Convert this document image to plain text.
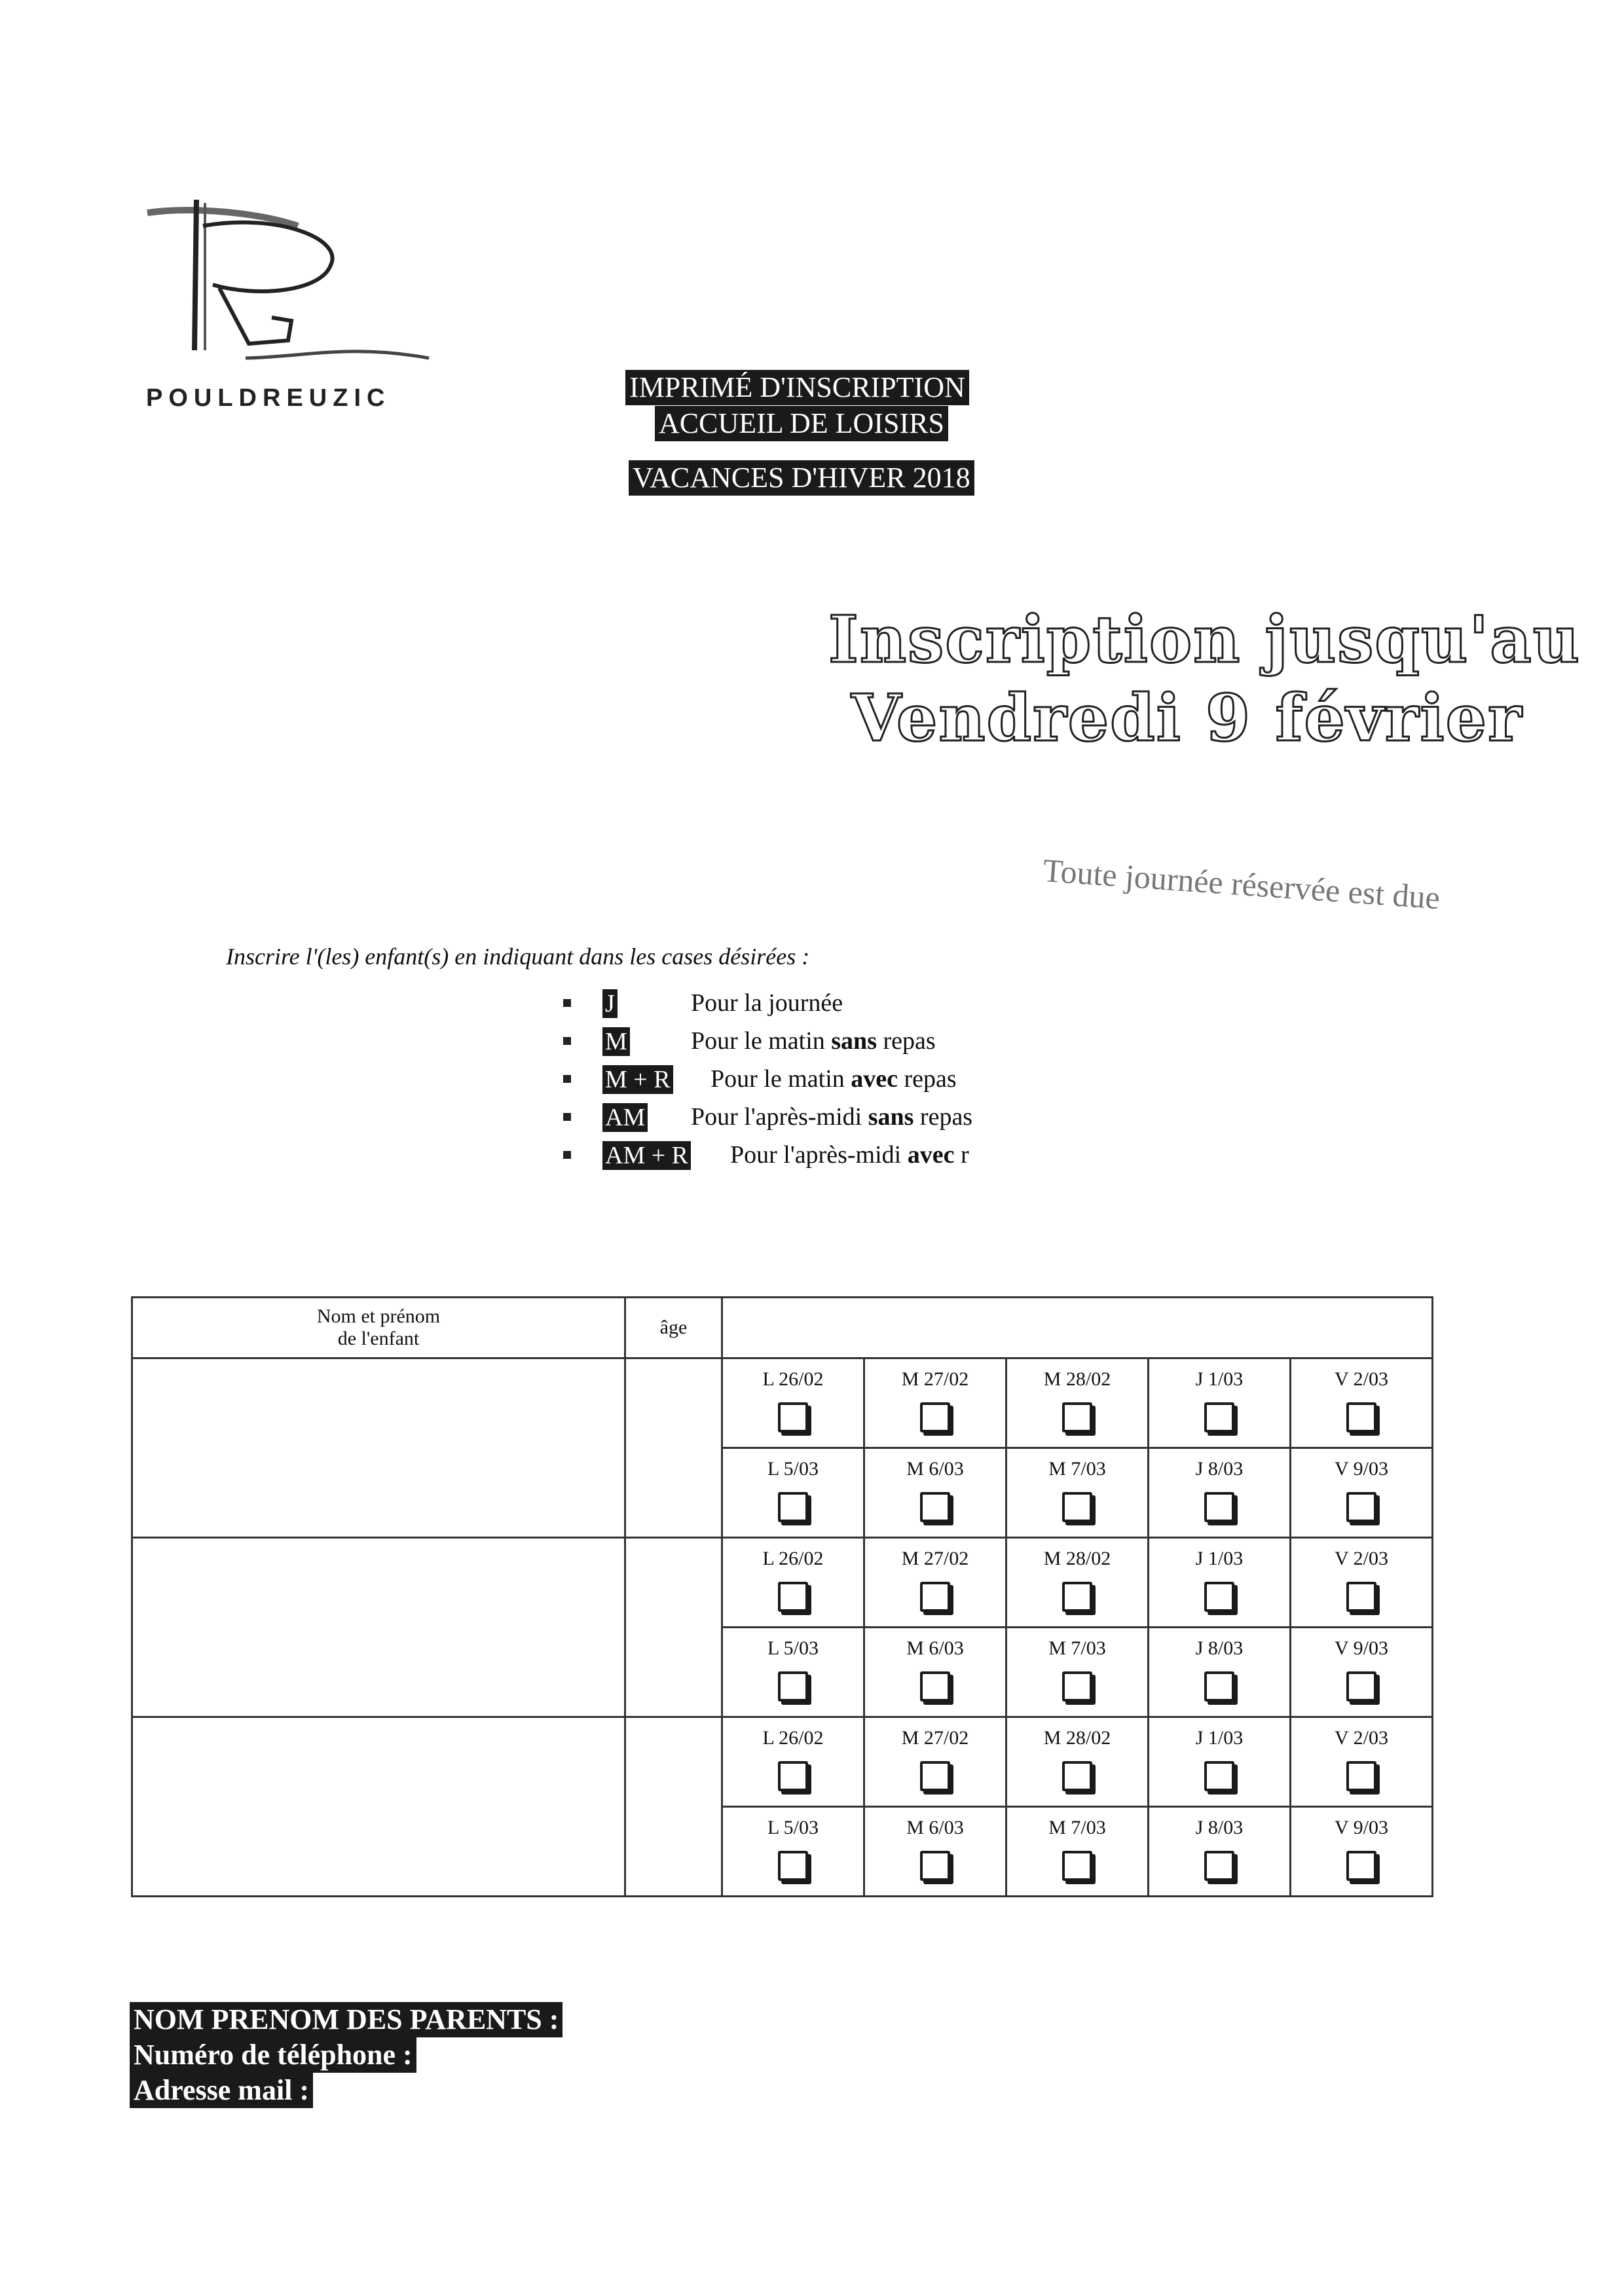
POULDREUZIC	IMPRIMÉ D'INSCRIPTION
ACCUEIL DE LOISIRS
VACANCES D'HIVER 2018
Inscription jusqu'au
Vendredi 9 février
Toute journée réservée est due
Inscrire l'(les) enfant(s) en indiquant dans les cases désirées :
J	Pour la journée
M	Pour le matin sans repas
M + R Pour le matin avec repas
AM Pour l'après-midi sans repas
AM + R Pour l'après-midi avec r
Nom et prénom
de l'enfant	âge					

		L 26/02	M 27/02	M 28/02	J 1/03	V 2/03

		L 5/03	M 6/03	M 7/03	J 8/03	V 9/03

		L 26/02	M 27/02	M 28/02	J 1/03	V 2/03

		L 5/03	M 6/03	M 7/03	J 8/03	V 9/03

		L 26/02	M 27/02	M 28/02	J 1/03	V 2/03

		L 5/03	M 6/03	M 7/03	J 8/03	V 9/03
NOM PRENOM DES PARENTS :
Numéro de téléphone :
Adresse mail :
